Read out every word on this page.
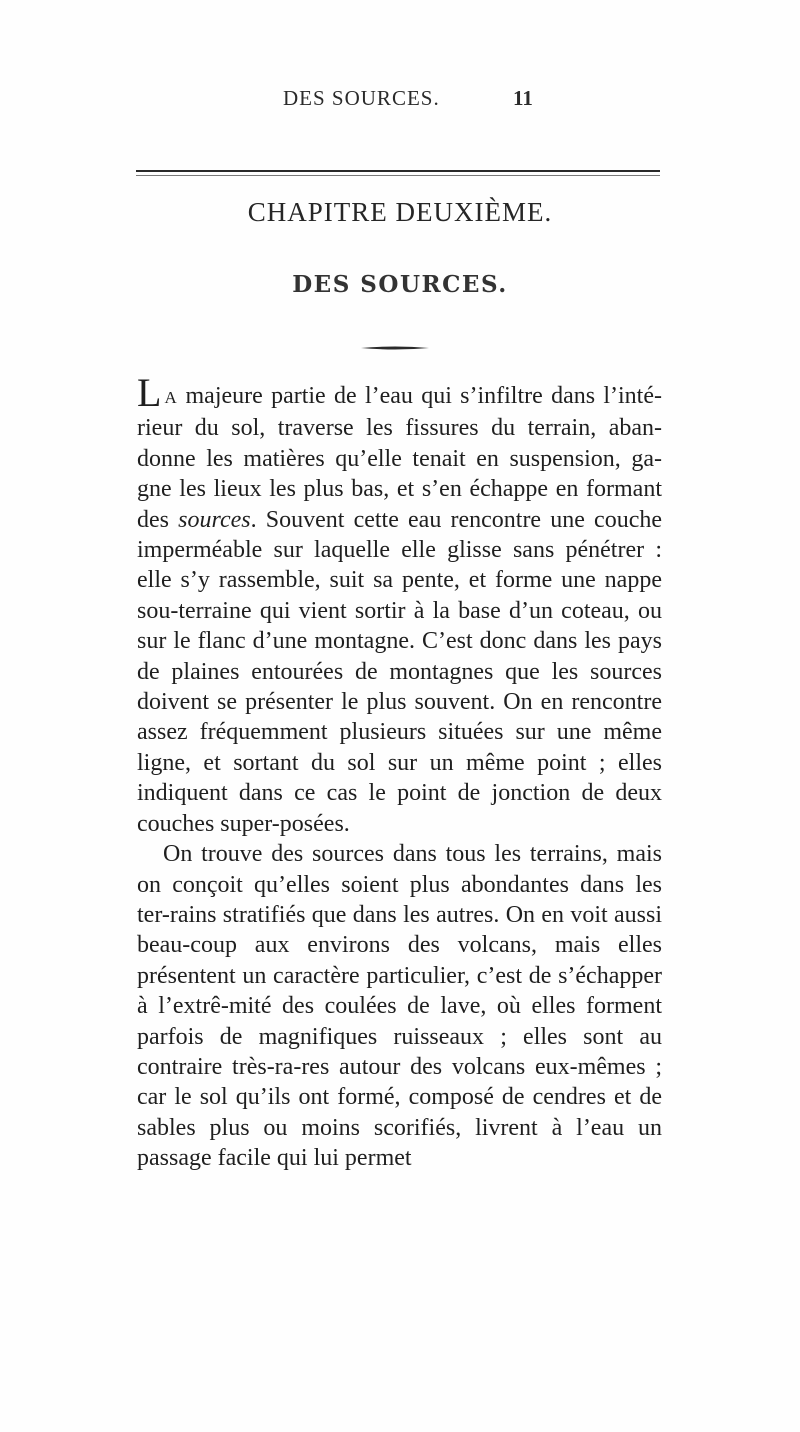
DES SOURCES.	11
CHAPITRE DEUXIÈME.
DES SOURCES.

L A majeure partie de l’eau qui s’infiltre dans l’inté-rieur du sol, traverse les fissures du terrain, aban-donne les matières qu’elle tenait en suspension, ga-gne les lieux les plus bas, et s’en échappe en formant des sources. Souvent cette eau rencontre une couche imperméable sur laquelle elle glisse sans pénétrer : elle s’y rassemble, suit sa pente, et forme une nappe sou-terraine qui vient sortir à la base d’un coteau, ou sur le flanc d’une montagne. C’est donc dans les pays de plaines entourées de montagnes que les sources doivent se présenter le plus souvent. On en rencontre assez fréquemment plusieurs situées sur une même ligne, et sortant du sol sur un même point ; elles indiquent dans ce cas le point de jonction de deux couches super-posées.

On trouve des sources dans tous les terrains, mais on conçoit qu’elles soient plus abondantes dans les ter-rains stratifiés que dans les autres. On en voit aussi beau-coup aux environs des volcans, mais elles présentent un caractère particulier, c’est de s’échapper à l’extrê-mité des coulées de lave, où elles forment parfois de magnifiques ruisseaux ; elles sont au contraire très-ra-res autour des volcans eux-mêmes ; car le sol qu’ils ont formé, composé de cendres et de sables plus ou moins scorifiés, livrent à l’eau un passage facile qui lui permet
